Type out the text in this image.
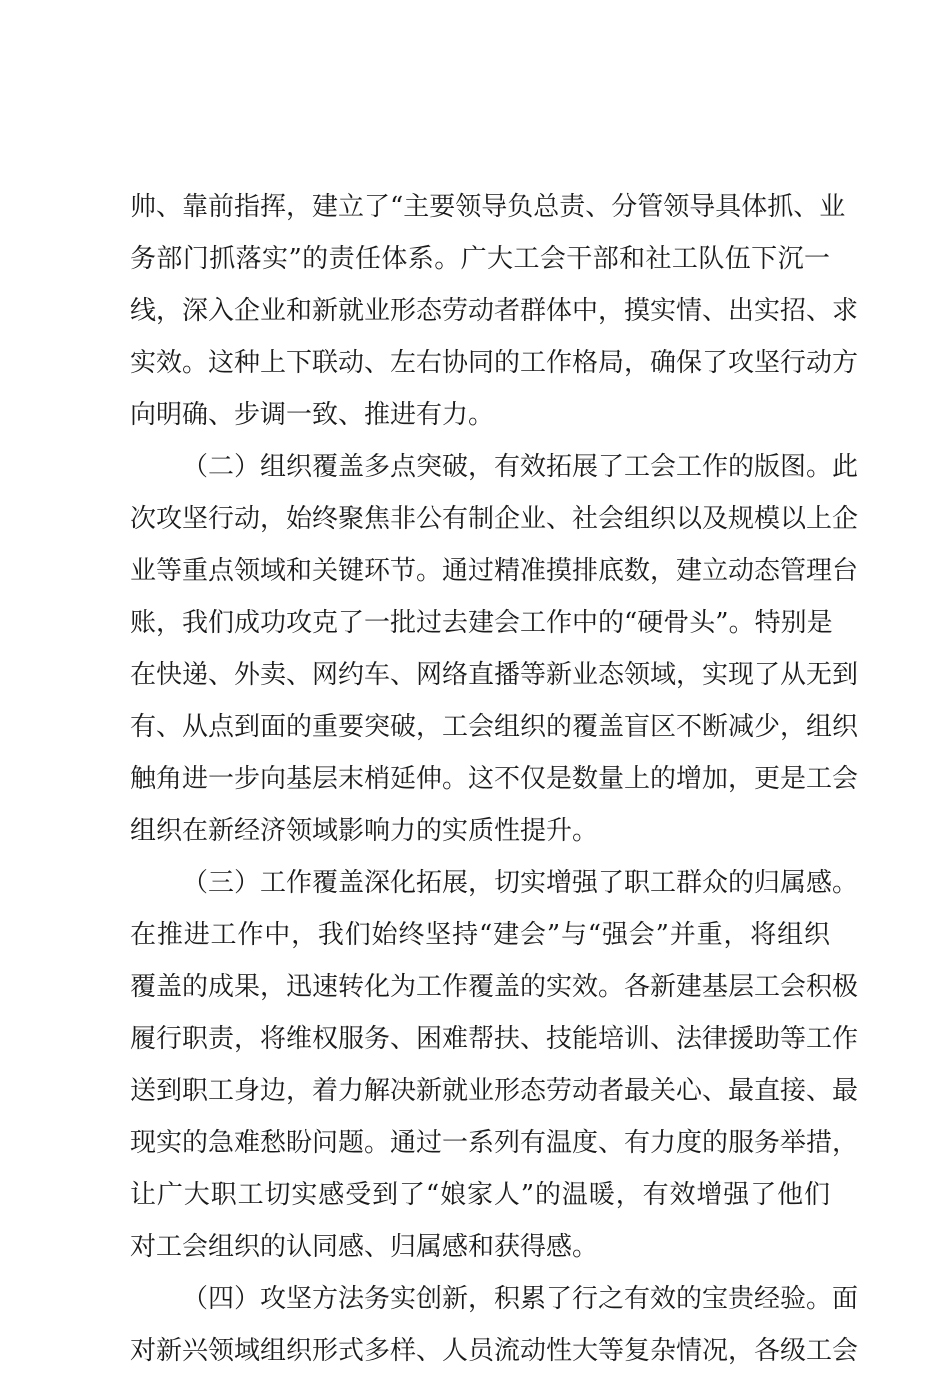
帅、靠前指挥，建立了“主要领导负总责、分管领导具体抓、业
务部门抓落实”的责任体系。广大工会干部和社工队伍下沉一
线，深入企业和新就业形态劳动者群体中，摸实情、出实招、求
实效。这种上下联动、左右协同的工作格局，确保了攻坚行动方
向明确、步调一致、推进有力。
（二）组织覆盖多点突破，有效拓展了工会工作的版图。此
次攻坚行动，始终聚焦非公有制企业、社会组织以及规模以上企
业等重点领域和关键环节。通过精准摸排底数，建立动态管理台
账，我们成功攻克了一批过去建会工作中的“硬骨头”。特别是
在快递、外卖、网约车、网络直播等新业态领域，实现了从无到
有、从点到面的重要突破，工会组织的覆盖盲区不断减少，组织
触角进一步向基层末梢延伸。这不仅是数量上的增加，更是工会
组织在新经济领域影响力的实质性提升。
（三）工作覆盖深化拓展，切实增强了职工群众的归属感。
在推进工作中，我们始终坚持“建会”与“强会”并重，将组织
覆盖的成果，迅速转化为工作覆盖的实效。各新建基层工会积极
履行职责，将维权服务、困难帮扶、技能培训、法律援助等工作
送到职工身边，着力解决新就业形态劳动者最关心、最直接、最
现实的急难愁盼问题。通过一系列有温度、有力度的服务举措，
让广大职工切实感受到了“娘家人”的温暖，有效增强了他们
对工会组织的认同感、归属感和获得感。
（四）攻坚方法务实创新，积累了行之有效的宝贵经验。面
对新兴领域组织形式多样、人员流动性大等复杂情况，各级工会
